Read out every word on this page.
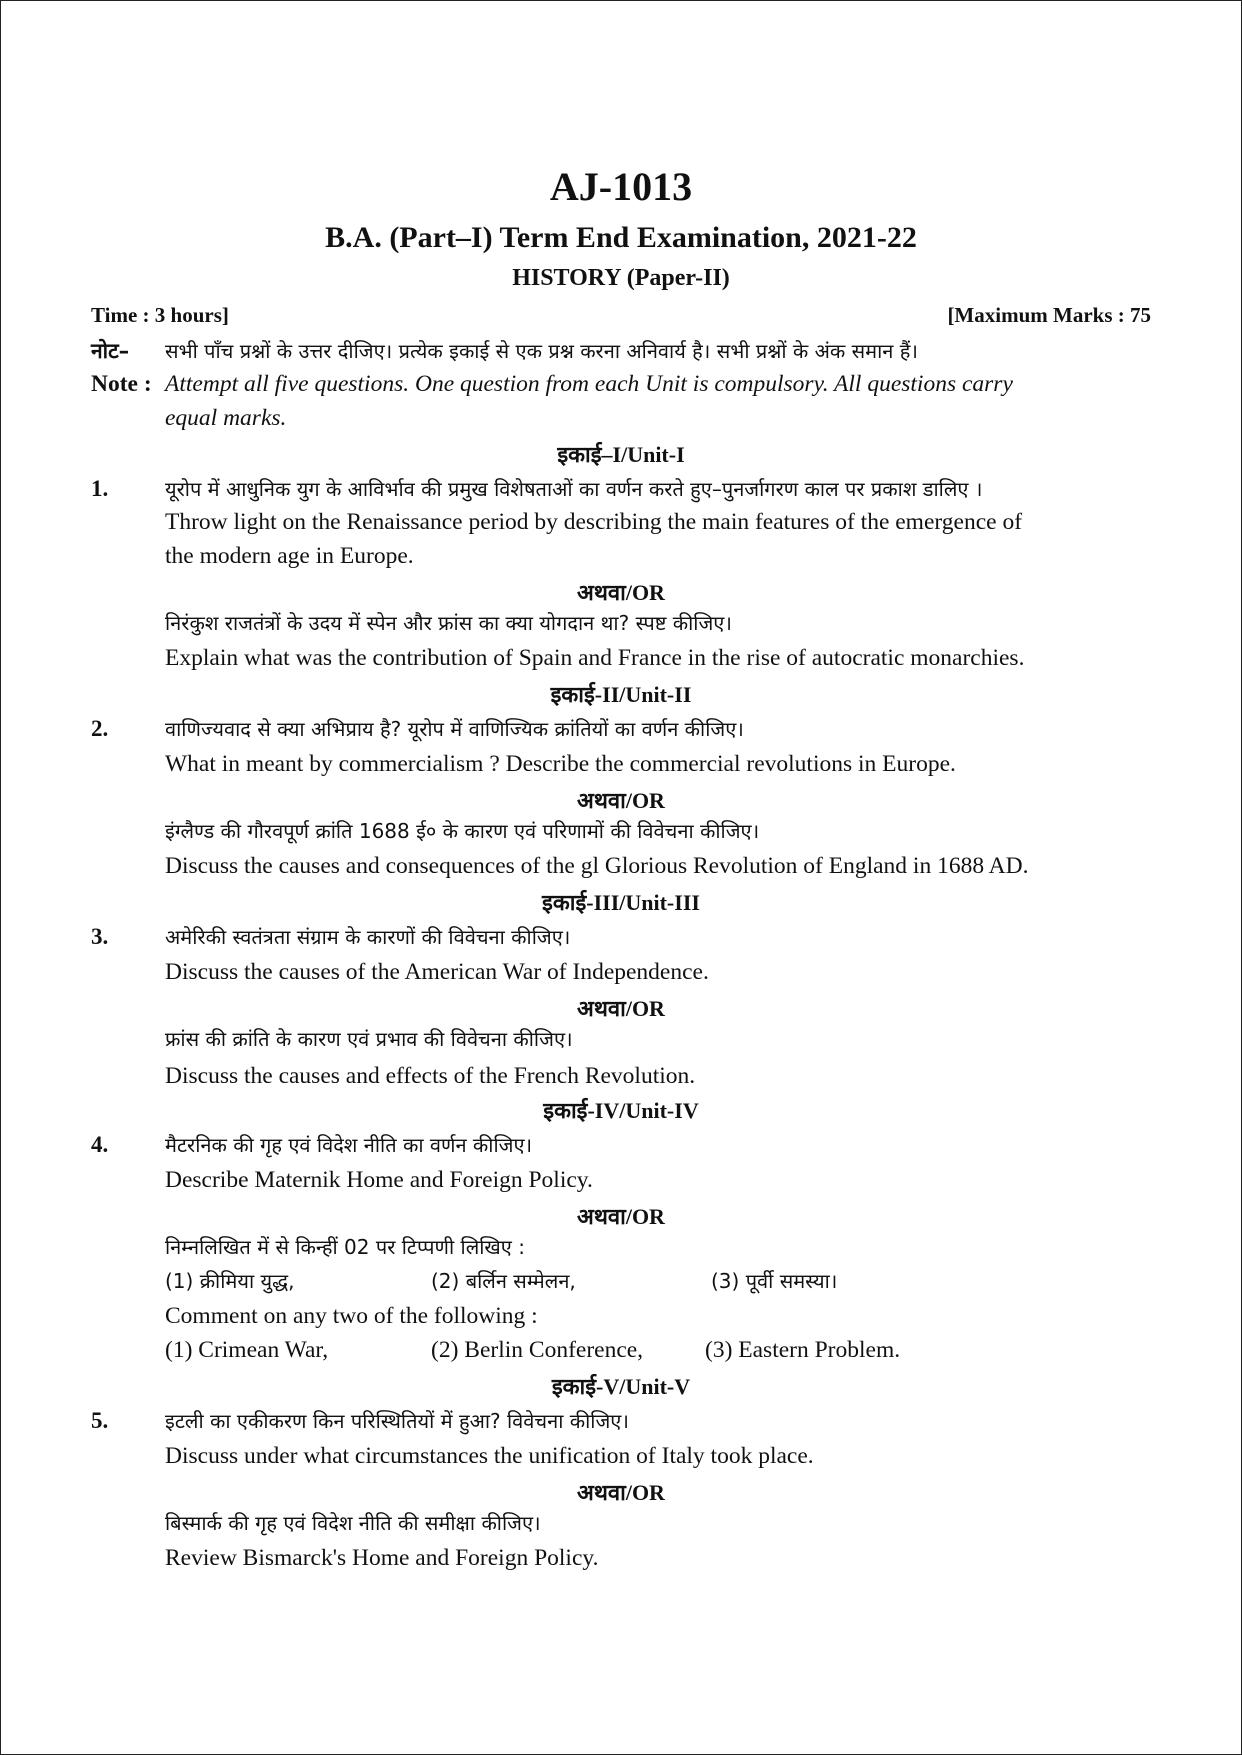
AJ-1013
B.A. (Part–I) Term End Examination, 2021-22
HISTORY (Paper-II)
Time : 3 hours]	[Maximum Marks : 75
नोट– सभी पाँच प्रश्नों के उत्तर दीजिए। प्रत्येक इकाई से एक प्रश्न करना अनिवार्य है। सभी प्रश्नों के अंक समान हैं।
Note : Attempt all five questions. One question from each Unit is compulsory. All questions carry
equal marks.
इकाई–I/Unit-I
1.	यूरोप में आधुनिक युग के आविर्भाव की प्रमुख विशेषताओं का वर्णन करते हुए–पुनर्जागरण काल पर प्रकाश डालिए ।
Throw light on the Renaissance period by describing the main features of the emergence of
the modern age in Europe.
अथवा/OR
निरंकुश राजतंत्रों के उदय में स्पेन और फ्रांस का क्या योगदान था? स्पष्ट कीजिए।
Explain what was the contribution of Spain and France in the rise of autocratic monarchies.
इकाई-II/Unit-II
2.	वाणिज्यवाद से क्या अभिप्राय है? यूरोप में वाणिज्यिक क्रांतियों का वर्णन कीजिए।
What in meant by commercialism ? Describe the commercial revolutions in Europe.
अथवा/OR
इंग्लैण्ड की गौरवपूर्ण क्रांति 1688 ई० के कारण एवं परिणामों की विवेचना कीजिए।
Discuss the causes and consequences of the gl Glorious Revolution of England in 1688 AD.
इकाई-III/Unit-III
3.	अमेरिकी स्वतंत्रता संग्राम के कारणों की विवेचना कीजिए।
Discuss the causes of the American War of Independence.
अथवा/OR
फ्रांस की क्रांति के कारण एवं प्रभाव की विवेचना कीजिए।
Discuss the causes and effects of the French Revolution.
इकाई-IV/Unit-IV
4.	मैटरनिक की गृह एवं विदेश नीति का वर्णन कीजिए।
Describe Maternik Home and Foreign Policy.
अथवा/OR
निम्नलिखित में से किन्हीं 02 पर टिप्पणी लिखिए :
(1) क्रीमिया युद्ध,	(2) बर्लिन सम्मेलन,	(3) पूर्वी समस्या।
Comment on any two of the following :
(1) Crimean War,	(2) Berlin Conference,	(3) Eastern Problem.
इकाई-V/Unit-V
5.	इटली का एकीकरण किन परिस्थितियों में हुआ? विवेचना कीजिए।
Discuss under what circumstances the unification of Italy took place.
अथवा/OR
बिस्मार्क की गृह एवं विदेश नीति की समीक्षा कीजिए।
Review Bismarck's Home and Foreign Policy.
